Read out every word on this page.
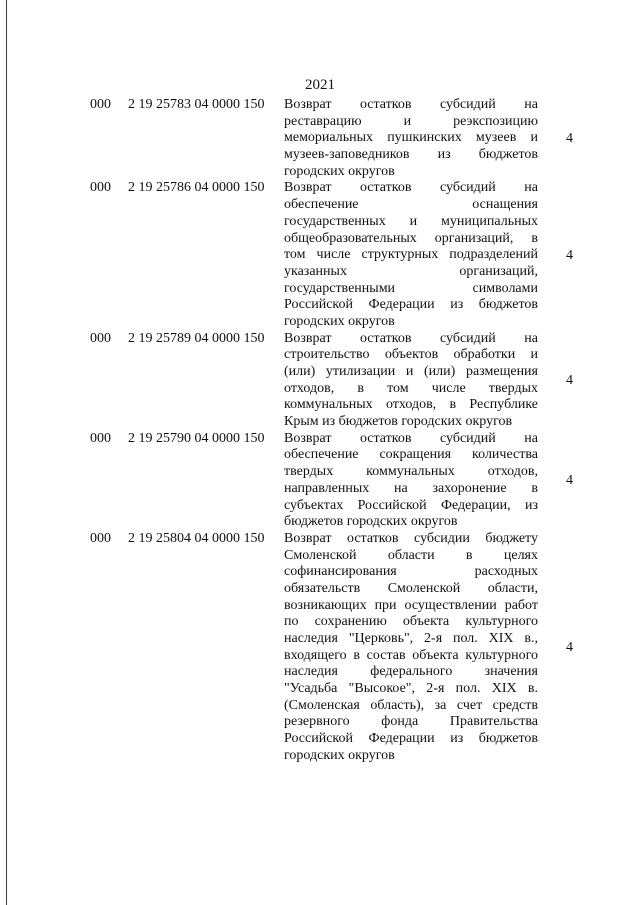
2021
000	2 19 25783 04 0000 150	Возврат остатков субсидий на
реставрацию и реэкспозицию
мемориальных пушкинских музеев и
музеев-заповедников из бюджетов
городских округов
4
000	2 19 25786 04 0000 150	Возврат остатков субсидий на
обеспечение оснащения
государственных и муниципальных
общеобразовательных организаций, в
том числе структурных подразделений
указанных организаций,
государственными символами
Российской Федерации из бюджетов
городских округов
4
000	2 19 25789 04 0000 150	Возврат остатков субсидий на
строительство объектов обработки и
(или) утилизации и (или) размещения
отходов, в том числе твердых
коммунальных отходов, в Республике
Крым из бюджетов городских округов
4
000	2 19 25790 04 0000 150	Возврат остатков субсидий на
обеспечение сокращения количества
твердых коммунальных отходов,
направленных на захоронение в
субъектах Российской Федерации, из
бюджетов городских округов
4
000	2 19 25804 04 0000 150	Возврат остатков субсидии бюджету
Смоленской области в целях
софинансирования расходных
обязательств Смоленской области,
возникающих при осуществлении работ
по сохранению объекта культурного
наследия "Церковь", 2-я пол. XIX в.,
входящего в состав объекта культурного
наследия федерального значения
"Усадьба "Высокое", 2-я пол. XIX в.
(Смоленская область), за счет средств
резервного фонда Правительства
Российской Федерации из бюджетов
городских округов
4
